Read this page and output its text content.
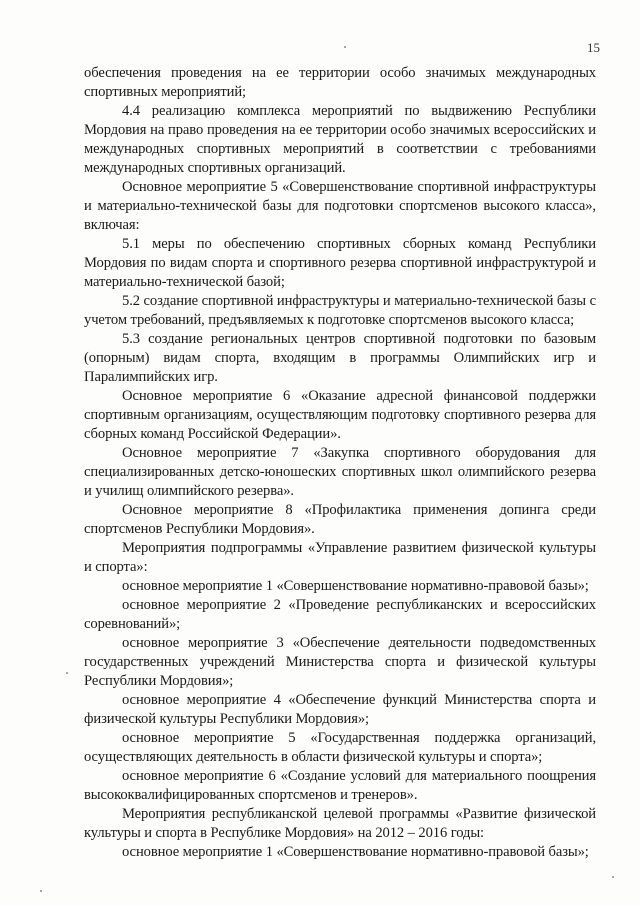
15

обеспечения проведения на ее территории особо значимых международных спортивных мероприятий;

4.4 реализацию комплекса мероприятий по выдвижению Республики Мордовия на право проведения на ее территории особо значимых всероссийских и международных спортивных мероприятий в соответствии с требованиями международных спортивных организаций.

Основное мероприятие 5 «Совершенствование спортивной инфраструктуры и материально-технической базы для подготовки спортсменов высокого класса», включая:

5.1 меры по обеспечению спортивных сборных команд Республики Мордовия по видам спорта и спортивного резерва спортивной инфраструктурой и материально-технической базой;

5.2 создание спортивной инфраструктуры и материально-технической базы с учетом требований, предъявляемых к подготовке спортсменов высокого класса;

5.3 создание региональных центров спортивной подготовки по базовым (опорным) видам спорта, входящим в программы Олимпийских игр и Паралимпийских игр.

Основное мероприятие 6 «Оказание адресной финансовой поддержки спортивным организациям, осуществляющим подготовку спортивного резерва для сборных команд Российской Федерации».

Основное мероприятие 7 «Закупка спортивного оборудования для специализированных детско-юношеских спортивных школ олимпийского резерва и училищ олимпийского резерва».

Основное мероприятие 8 «Профилактика применения допинга среди спортсменов Республики Мордовия».

Мероприятия подпрограммы «Управление развитием физической культуры и спорта»:

основное мероприятие 1 «Совершенствование нормативно-правовой базы»;

основное мероприятие 2 «Проведение республиканских и всероссийских соревнований»;

основное мероприятие 3 «Обеспечение деятельности подведомственных государственных учреждений Министерства спорта и физической культуры Республики Мордовия»;

основное мероприятие 4 «Обеспечение функций Министерства спорта и физической культуры Республики Мордовия»;

основное мероприятие 5 «Государственная поддержка организаций, осуществляющих деятельность в области физической культуры и спорта»;

основное мероприятие 6 «Создание условий для материального поощрения высококвалифицированных спортсменов и тренеров».

Мероприятия республиканской целевой программы «Развитие физической культуры и спорта в Республике Мордовия» на 2012 – 2016 годы:

основное мероприятие 1 «Совершенствование нормативно-правовой базы»;
